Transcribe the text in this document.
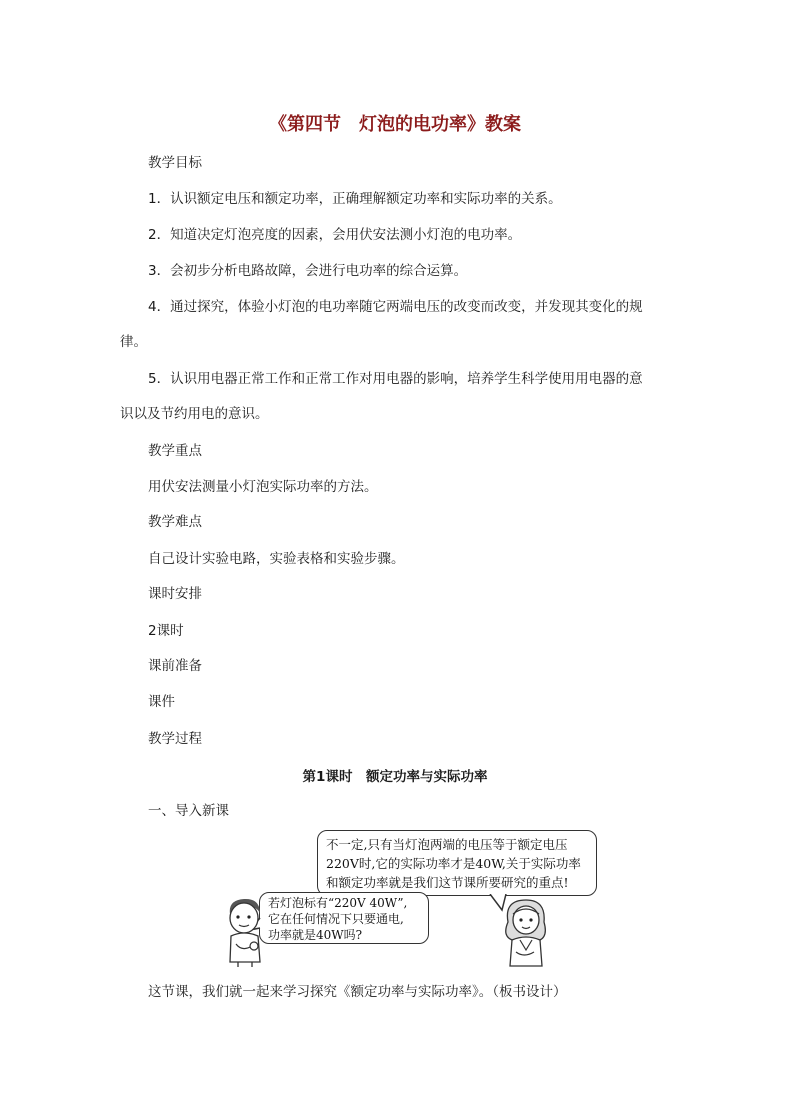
《第四节　灯泡的电功率》教案
教学目标
1．认识额定电压和额定功率，正确理解额定功率和实际功率的关系。
2．知道决定灯泡亮度的因素，会用伏安法测小灯泡的电功率。
3．会初步分析电路故障，会进行电功率的综合运算。
4．通过探究，体验小灯泡的电功率随它两端电压的改变而改变，并发现其变化的规
律。
5．认识用电器正常工作和正常工作对用电器的影响，培养学生科学使用用电器的意
识以及节约用电的意识。
教学重点
用伏安法测量小灯泡实际功率的方法。
教学难点
自己设计实验电路，实验表格和实验步骤。
课时安排
2课时
课前准备
课件
教学过程
第1课时　额定功率与实际功率
一、导入新课
不一定,只有当灯泡两端的电压等于额定电压
220V时,它的实际功率才是40W,关于实际功率
和额定功率就是我们这节课所要研究的重点!
若灯泡标有“220V 40W”,
它在任何情况下只要通电,
功率就是40W吗?
这节课，我们就一起来学习探究《额定功率与实际功率》。（板书设计）
